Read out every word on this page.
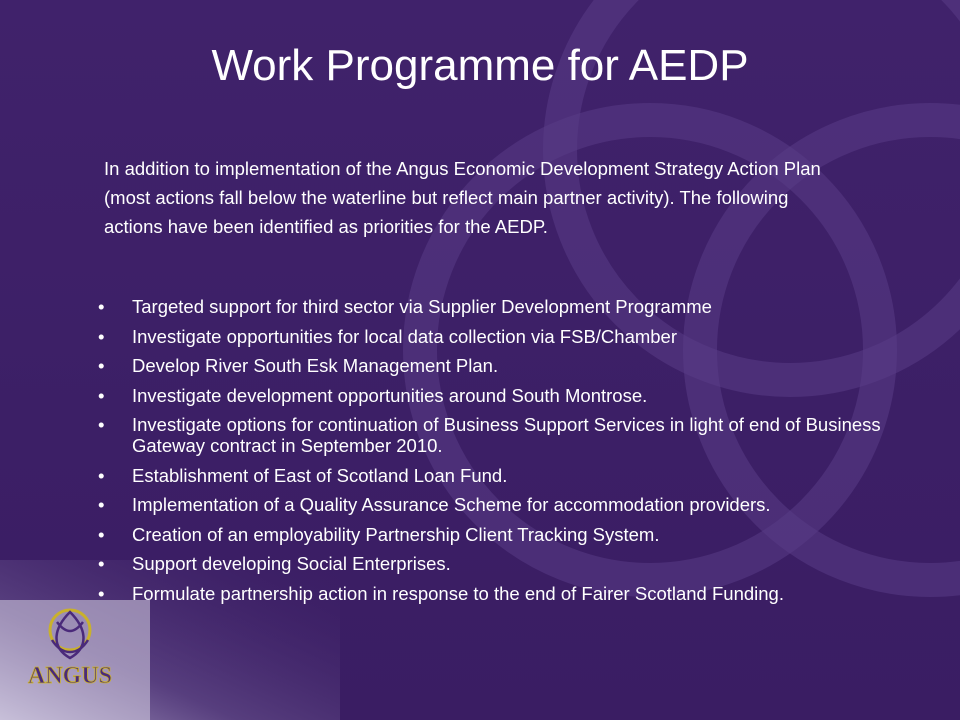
Work Programme for AEDP

In addition to implementation of the Angus Economic Development Strategy Action Plan (most actions fall below the waterline but reflect main partner activity). The following actions have been identified as priorities for the AEDP.

• Targeted support for third sector via Supplier Development Programme
• Investigate opportunities for local data collection via FSB/Chamber
• Develop River South Esk Management Plan.
• Investigate development opportunities around South Montrose.
• Investigate options for continuation of Business Support Services in light of end of Business Gateway contract in September 2010.
• Establishment of East of Scotland Loan Fund.
• Implementation of a Quality Assurance Scheme for accommodation providers.
• Creation of an employability Partnership Client Tracking System.
• Support developing Social Enterprises.
• Formulate partnership action in response to the end of Fairer Scotland Funding.
ANGUS
